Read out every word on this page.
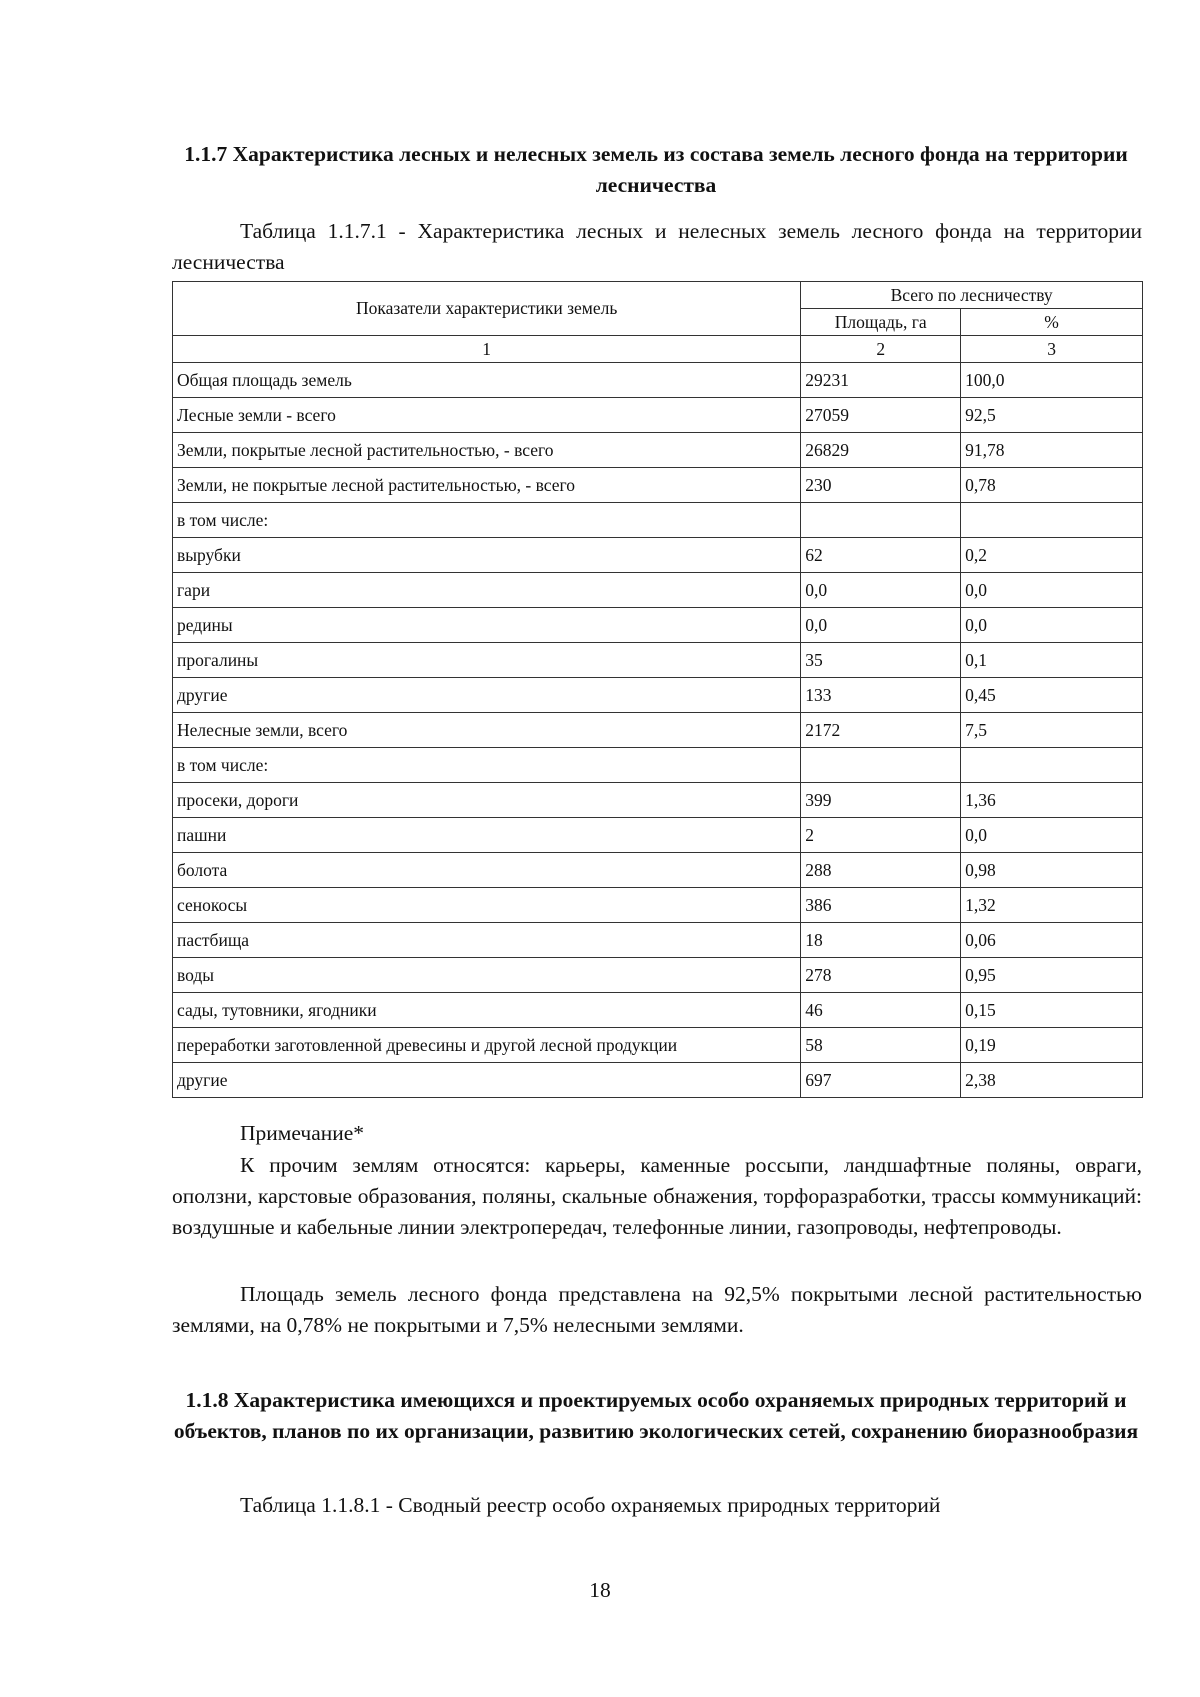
1.1.7 Характеристика лесных и нелесных земель из состава земель лесного фонда на территории лесничества
Таблица 1.1.7.1 - Характеристика лесных и нелесных земель лесного фонда на территории лесничества
Показатели характеристики земель	Всего по лесничеству	
	Площадь, га	%
1	2	3
Общая площадь земель	29231	100,0
Лесные земли - всего	27059	92,5
Земли, покрытые лесной растительностью, - всего	26829	91,78
Земли, не покрытые лесной растительностью, - всего	230	0,78
в том числе:		
вырубки	62	0,2
гари	0,0	0,0
редины	0,0	0,0
прогалины	35	0,1
другие	133	0,45
Нелесные земли, всего	2172	7,5
в том числе:		
просеки, дороги	399	1,36
пашни	2	0,0
болота	288	0,98
сенокосы	386	1,32
пастбища	18	0,06
воды	278	0,95
сады, тутовники, ягодники	46	0,15
переработки заготовленной древесины и другой лесной продукции	58	0,19
другие	697	2,38
Примечание*
К прочим землям относятся: карьеры, каменные россыпи, ландшафтные поляны, овраги, оползни, карстовые образования, поляны, скальные обнажения, торфоразработки, трассы коммуникаций: воздушные и кабельные линии электропередач, телефонные линии, газопроводы, нефтепроводы.
Площадь земель лесного фонда представлена на 92,5% покрытыми лесной растительностью землями, на 0,78% не покрытыми и 7,5% нелесными землями.
1.1.8 Характеристика имеющихся и проектируемых особо охраняемых природных территорий и объектов, планов по их организации, развитию экологических сетей, сохранению биоразнообразия
Таблица 1.1.8.1 - Сводный реестр особо охраняемых природных территорий
18
